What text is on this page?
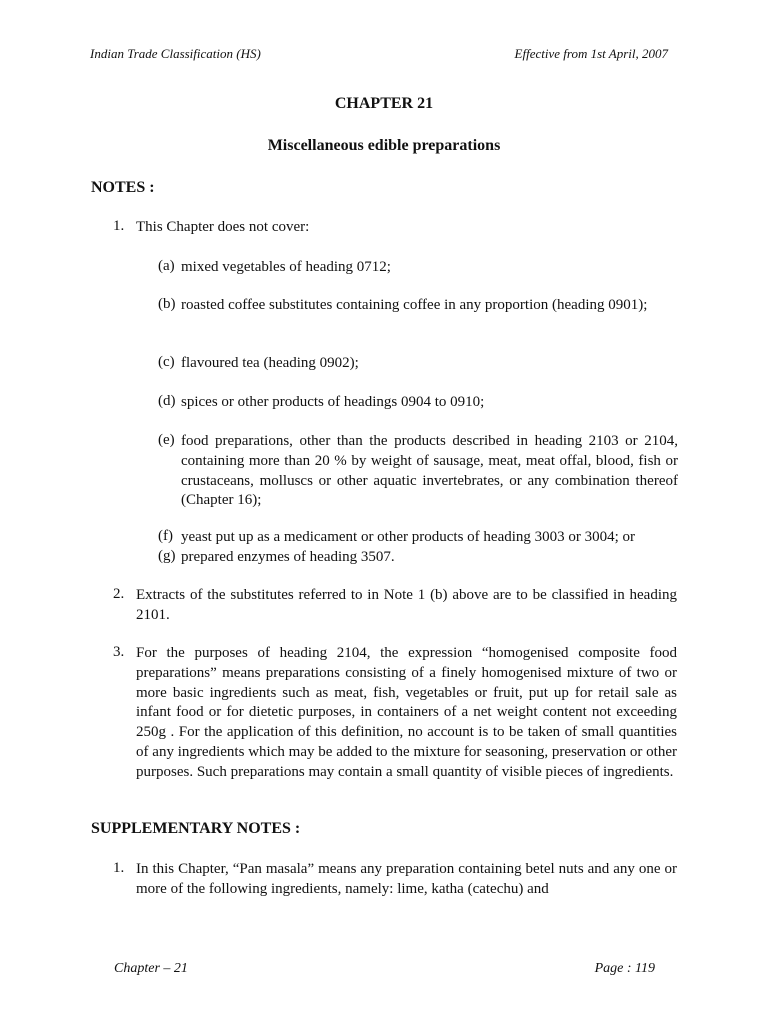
Indian Trade Classification (HS)	Effective from 1st April, 2007
CHAPTER 21
Miscellaneous edible preparations
NOTES :
1. This Chapter does not cover:
(a) mixed vegetables of heading 0712;
(b) roasted coffee substitutes containing coffee in any proportion (heading 0901);
(c) flavoured tea (heading 0902);
(d) spices or other products of headings 0904 to 0910;
(e) food preparations, other than the products described in heading 2103 or 2104, containing more than 20 % by weight of sausage, meat, meat offal, blood, fish or crustaceans, molluscs or other aquatic invertebrates, or any combination thereof (Chapter 16);
(f) yeast put up as a medicament or other products of heading 3003 or 3004; or
(g) prepared enzymes of heading 3507.
2. Extracts of the substitutes referred to in Note 1 (b) above are to be classified in heading 2101.
3. For the purposes of heading 2104, the expression “homogenised composite food preparations” means preparations consisting of a finely homogenised mixture of two or more basic ingredients such as meat, fish, vegetables or fruit, put up for retail sale as infant food or for dietetic purposes, in containers of a net weight content not exceeding 250g . For the application of this definition, no account is to be taken of small quantities of any ingredients which may be added to the mixture for seasoning, preservation or other purposes. Such preparations may contain a small quantity of visible pieces of ingredients.
SUPPLEMENTARY NOTES :
1. In this Chapter, “Pan masala” means any preparation containing betel nuts and any one or more of the following ingredients, namely: lime, katha (catechu) and
Chapter – 21	Page : 119
